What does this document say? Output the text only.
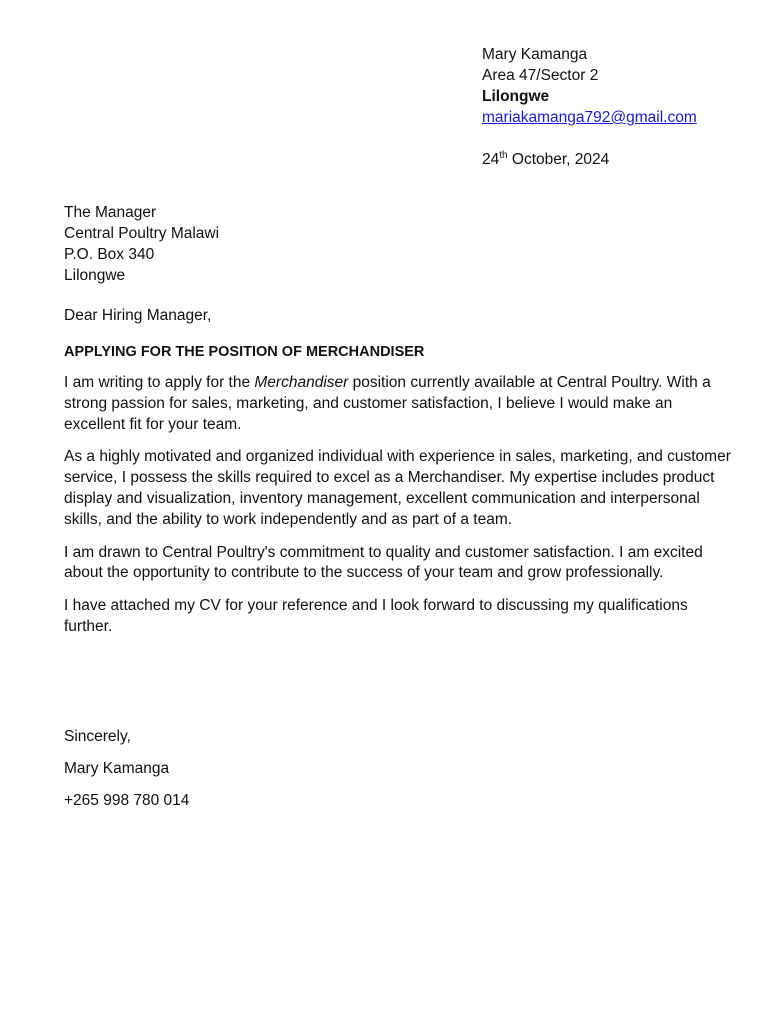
Mary Kamanga
Area 47/Sector 2
Lilongwe
mariakamanga792@gmail.com
24th October, 2024
The Manager
Central Poultry Malawi
P.O. Box 340
Lilongwe
Dear Hiring Manager,
APPLYING FOR THE POSITION OF MERCHANDISER

I am writing to apply for the Merchandiser position currently available at Central Poultry. With a strong passion for sales, marketing, and customer satisfaction, I believe I would make an excellent fit for your team.

As a highly motivated and organized individual with experience in sales, marketing, and customer service, I possess the skills required to excel as a Merchandiser. My expertise includes product display and visualization, inventory management, excellent communication and interpersonal skills, and the ability to work independently and as part of a team.

I am drawn to Central Poultry's commitment to quality and customer satisfaction. I am excited about the opportunity to contribute to the success of your team and grow professionally.

I have attached my CV for your reference and I look forward to discussing my qualifications further.

Sincerely,
Mary Kamanga
+265 998 780 014
